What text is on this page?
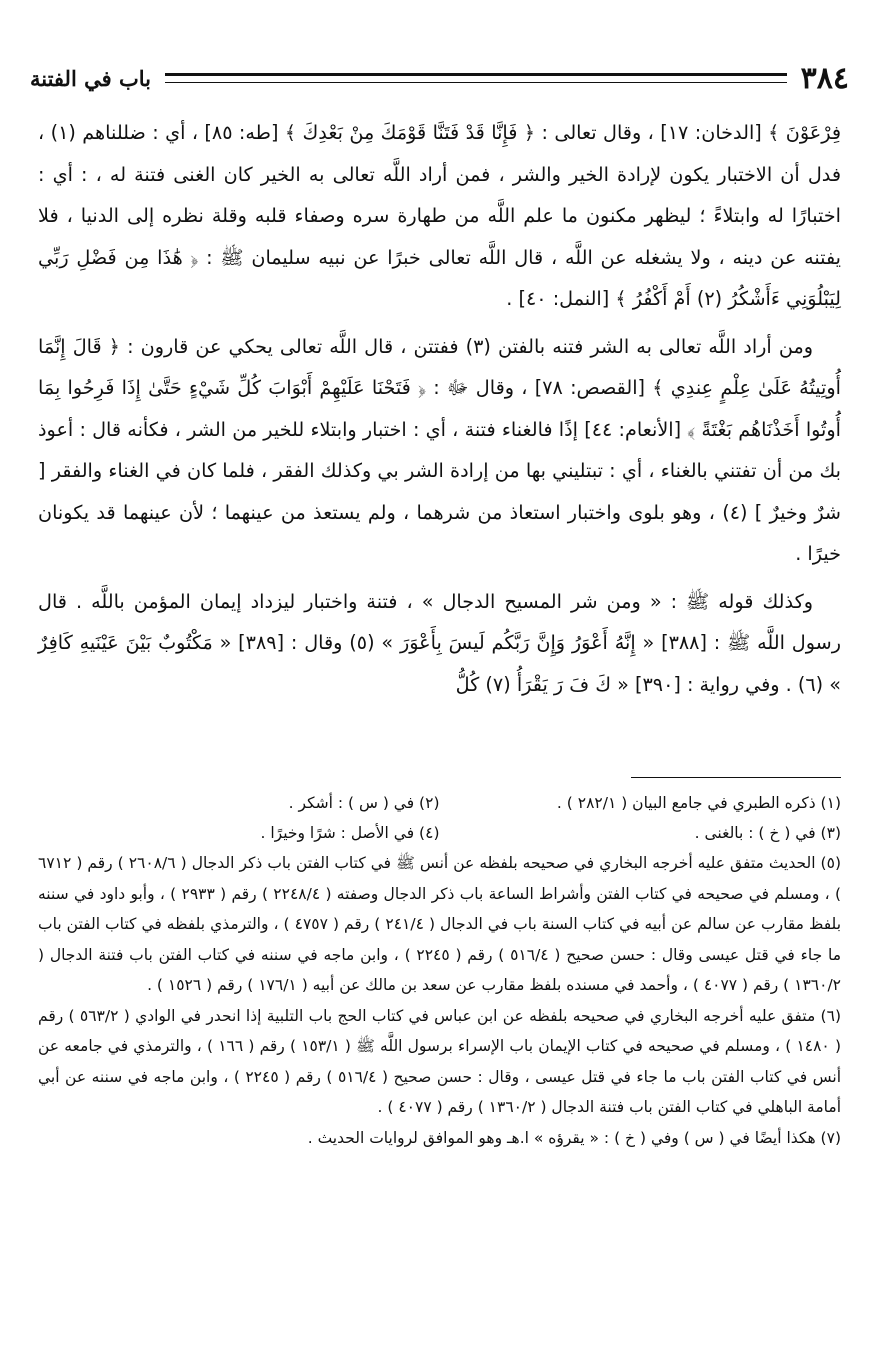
٣٨٤
باب في الفتنة

فِرْعَوْنَ ﴾ [الدخان: ١٧] ، وقال تعالى : ﴿ فَإِنَّا قَدْ فَتَنَّا قَوْمَكَ مِنْ بَعْدِكَ ﴾ [طه: ٨٥] ، أي : ضللناهم (١) ، فدل أن الاختبار يكون لإرادة الخير والشر ، فمن أراد اللَّه تعالى به الخير كان الغنى فتنة له ، : أي : اختبارًا له وابتلاءً ؛ ليظهر مكنون ما علم اللَّه من طهارة سره وصفاء قلبه وقلة نظره إلى الدنيا ، فلا يفتنه عن دينه ، ولا يشغله عن اللَّه ، قال اللَّه تعالى خبرًا عن نبيه سليمان ﷺ : ﴿ هَٰذَا مِن فَضْلِ رَبِّي لِيَبْلُوَنِي ءَأَشْكُرُ (٢) أَمْ أَكْفُرُ ﴾ [النمل: ٤٠] .

ومن أراد اللَّه تعالى به الشر فتنه بالفتن (٣) ففتتن ، قال اللَّه تعالى يحكي عن قارون : ﴿ قَالَ إِنَّمَا أُوتِيتُهُ عَلَىٰ عِلْمٍ عِندِي ﴾ [القصص: ٧٨] ، وقال ﷻ : ﴿ فَتَحْنَا عَلَيْهِمْ أَبْوَابَ كُلِّ شَيْءٍ حَتَّىٰ إِذَا فَرِحُوا بِمَا أُوتُوا أَخَذْنَاهُم بَغْتَةً ﴾ [الأنعام: ٤٤] إذًا فالغناء فتنة ، أي : اختبار وابتلاء للخير من الشر ، فكأنه قال : أعوذ بك من أن تفتني بالغناء ، أي : تبتليني بها من إرادة الشر بي وكذلك الفقر ، فلما كان في الغناء والفقر [ شرٌ وخيرٌ ] (٤) ، وهو بلوى واختبار استعاذ من شرهما ، ولم يستعذ من عينهما ؛ لأن عينهما قد يكونان خيرًا .

وكذلك قوله ﷺ : « ومن شر المسيح الدجال » ، فتنة واختبار ليزداد إيمان المؤمن باللَّه . قال رسول اللَّه ﷺ : [٣٨٨] « إِنَّهُ أَعْوَرُ وَإِنَّ رَبَّكُم لَيسَ بِأَعْوَرَ » (٥) وقال : [٣٨٩] « مَكْتُوبٌ بَيْنَ عَيْنَيهِ كَافِرٌ » (٦) . وفي رواية : [٣٩٠] « كَ فَ رَ يَقْرَأُ (٧) كُلُّ

(١) ذكره الطبري في جامع البيان ( ٢٨٢/١ ) .
(٢) في ( س ) : أشكر .
(٣) في ( خ ) : بالغنى .
(٤) في الأصل : شرًا وخيرًا .

(٥) الحديث متفق عليه أخرجه البخاري في صحيحه بلفظه عن أنس ﷺ في كتاب الفتن باب ذكر الدجال ( ٢٦٠٨/٦ ) رقم ( ٦٧١٢ ) ، ومسلم في صحيحه في كتاب الفتن وأشراط الساعة باب ذكر الدجال وصفته ( ٢٢٤٨/٤ ) رقم ( ٢٩٣٣ ) ، وأبو داود في سننه بلفظ مقارب عن سالم عن أبيه في كتاب السنة باب في الدجال ( ٢٤١/٤ ) رقم ( ٤٧٥٧ ) ، والترمذي بلفظه في كتاب الفتن باب ما جاء في قتل عيسى وقال : حسن صحيح ( ٥١٦/٤ ) رقم ( ٢٢٤٥ ) ، وابن ماجه في سننه في كتاب الفتن باب فتنة الدجال ( ١٣٦٠/٢ ) رقم ( ٤٠٧٧ ) ، وأحمد في مسنده بلفظ مقارب عن سعد بن مالك عن أبيه ( ١٧٦/١ ) رقم ( ١٥٢٦ ) .

(٦) متفق عليه أخرجه البخاري في صحيحه بلفظه عن ابن عباس في كتاب الحج باب التلبية إذا انحدر في الوادي ( ٥٦٣/٢ ) رقم ( ١٤٨٠ ) ، ومسلم في صحيحه في كتاب الإيمان باب الإسراء برسول اللَّه ﷺ ( ١٥٣/١ ) رقم ( ١٦٦ ) ، والترمذي في جامعه عن أنس في كتاب الفتن باب ما جاء في قتل عيسى ، وقال : حسن صحيح ( ٥١٦/٤ ) رقم ( ٢٢٤٥ ) ، وابن ماجه في سننه عن أبي أمامة الباهلي في كتاب الفتن باب فتنة الدجال ( ١٣٦٠/٢ ) رقم ( ٤٠٧٧ ) .

(٧) هكذا أيضًا في ( س ) وفي ( خ ) : « يقرؤه » ا.هـ وهو الموافق لروايات الحديث .
